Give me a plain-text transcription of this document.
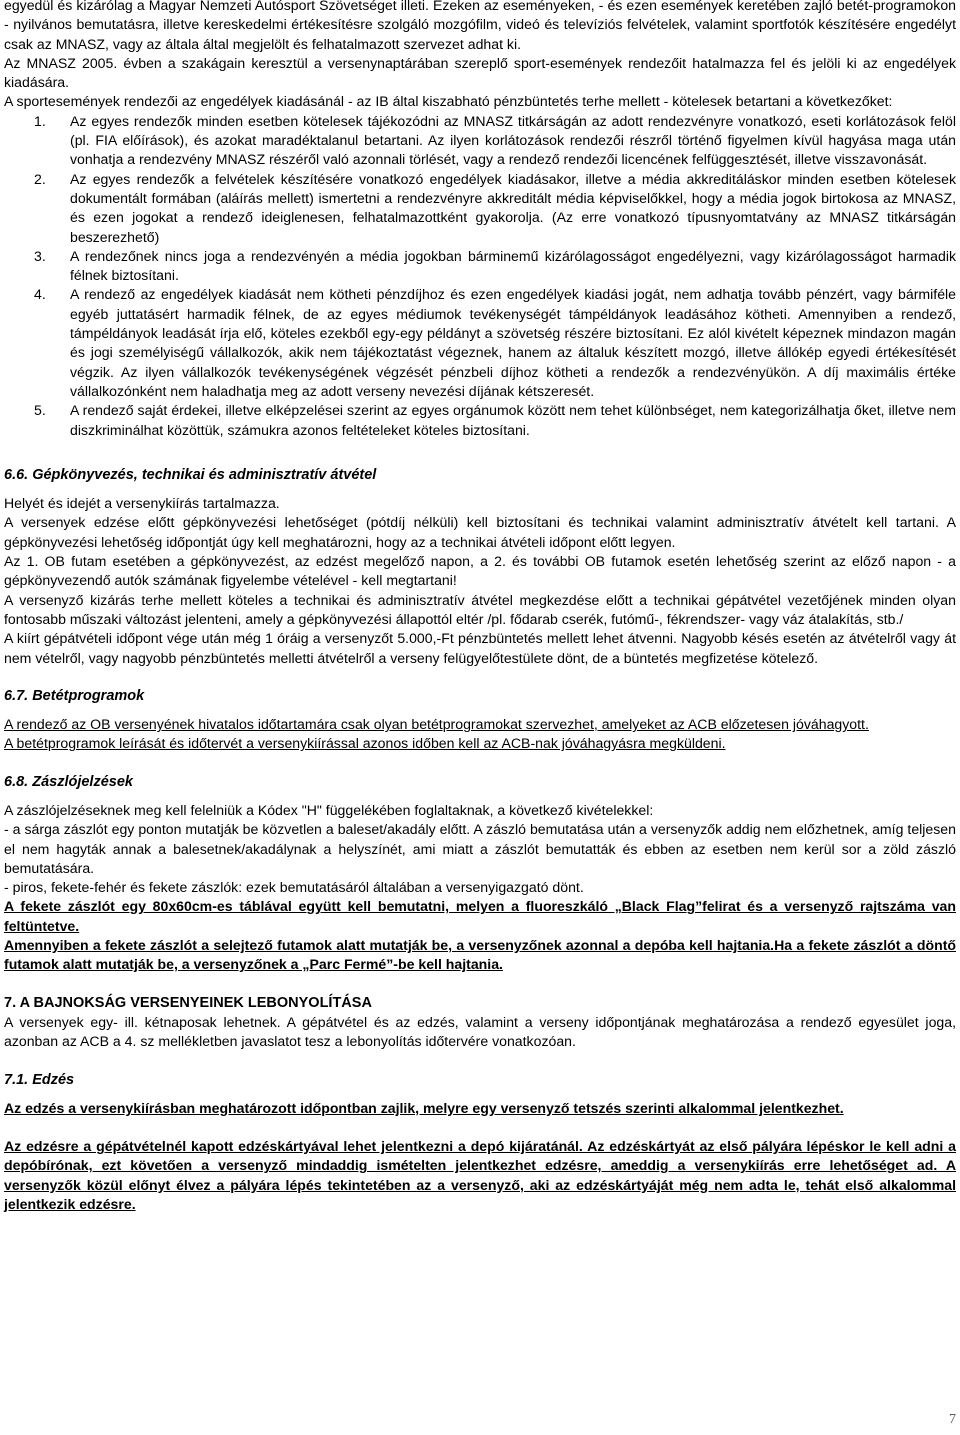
egyedül és kizárólag a Magyar Nemzeti Autósport Szövetséget illeti. Ezeken az eseményeken, - és ezen események keretében zajló betét-programokon - nyilvános bemutatásra, illetve kereskedelmi értékesítésre szolgáló mozgófilm, videó és televíziós felvételek, valamint sportfotók készítésére engedélyt csak az MNASZ, vagy az általa által megjelölt és felhatalmazott szervezet adhat ki.

Az MNASZ 2005. évben a szakágain keresztül a versenynaptárában szereplő sport-események rendezőit hatalmazza fel és jelöli ki az engedélyek kiadására.

A sportesemények rendezői az engedélyek kiadásánál - az IB által kiszabható pénzbüntetés terhe mellett - kötelesek betartani a következőket:

1. Az egyes rendezők minden esetben kötelesek tájékozódni az MNASZ titkárságán az adott rendezvényre vonatkozó, eseti korlátozások felöl (pl. FIA előírások), és azokat maradéktalanul betartani. Az ilyen korlátozások rendezői részről történő figyelmen kívül hagyása maga után vonhatja a rendezvény MNASZ részéről való azonnali törlését, vagy a rendező rendezői licencének felfüggesztését, illetve visszavonását.
2. Az egyes rendezők a felvételek készítésére vonatkozó engedélyek kiadásakor, illetve a média akkreditáláskor minden esetben kötelesek dokumentált formában (aláírás mellett) ismertetni a rendezvényre akkreditált média képviselőkkel, hogy a média jogok birtokosa az MNASZ, és ezen jogokat a rendező ideiglenesen, felhatalmazottként gyakorolja. (Az erre vonatkozó típusnyomtatvány az MNASZ titkárságán beszerezhető)
3. A rendezőnek nincs joga a rendezvényén a média jogokban bárminemű kizárólagosságot engedélyezni, vagy kizárólagosságot harmadik félnek biztosítani.
4. A rendező az engedélyek kiadását nem kötheti pénzdíjhoz és ezen engedélyek kiadási jogát, nem adhatja tovább pénzért, vagy bármiféle egyéb juttatásért harmadik félnek, de az egyes médiumok tevékenységét támpéldányok leadásához kötheti. Amennyiben a rendező, támpéldányok leadását írja elő, köteles ezekből egy-egy példányt a szövetség részére biztosítani. Ez alól kivételt képeznek mindazon magán és jogi személyiségű vállalkozók, akik nem tájékoztatást végeznek, hanem az általuk készített mozgó, illetve állókép egyedi értékesítését végzik. Az ilyen vállalkozók tevékenységének végzését pénzbeli díjhoz kötheti a rendezők a rendezvényükön. A díj maximális értéke vállalkozónként nem haladhatja meg az adott verseny nevezési díjának kétszeresét.
5. A rendező saját érdekei, illetve elképzelései szerint az egyes orgánumok között nem tehet különbséget, nem kategorizálhatja őket, illetve nem diszkriminálhat közöttük, számukra azonos feltételeket köteles biztosítani.
6.6. Gépkönyvezés, technikai és adminisztratív átvétel

Helyét és idejét a versenykiírás tartalmazza.

A versenyek edzése előtt gépkönyvezési lehetőséget (pótdíj nélküli) kell biztosítani és technikai valamint adminisztratív átvételt kell tartani. A gépkönyvezési lehetőség időpontját úgy kell meghatározni, hogy az a technikai átvételi időpont előtt legyen.

Az 1. OB futam esetében a gépkönyvezést, az edzést megelőző napon, a 2. és további OB futamok esetén lehetőség szerint az előző napon - a gépkönyvezendő autók számának figyelembe vételével - kell megtartani!

A versenyző kizárás terhe mellett köteles a technikai és adminisztratív átvétel megkezdése előtt a technikai gépátvétel vezetőjének minden olyan fontosabb műszaki változást jelenteni, amely a gépkönyvezési állapottól eltér /pl. fődarab cserék, futómű-, fékrendszer- vagy váz átalakítás, stb./

A kiírt gépátvételi időpont vége után még 1 óráig a versenyzőt 5.000,-Ft pénzbüntetés mellett lehet átvenni. Nagyobb késés esetén az átvételről vagy át nem vételről, vagy nagyobb pénzbüntetés melletti átvételről a verseny felügyelőtestülete dönt, de a büntetés megfizetése kötelező.

6.7. Betétprogramok

A rendező az OB versenyének hivatalos időtartamára csak olyan betétprogramokat szervezhet, amelyeket az ACB előzetesen jóváhagyott.

A betétprogramok leírását és időtervét a versenykiírással azonos időben kell az ACB-nak jóváhagyásra megküldeni.

6.8. Zászlójelzések

A zászlójelzéseknek meg kell felelniük a Kódex "H" függelékében foglaltaknak, a következő kivételekkel:

- a sárga zászlót egy ponton mutatják be közvetlen a baleset/akadály előtt. A zászló bemutatása után a versenyzők addig nem előzhetnek, amíg teljesen el nem hagyták annak a balesetnek/akadálynak a helyszínét, ami miatt a zászlót bemutatták és ebben az esetben nem kerül sor a zöld zászló bemutatására.

- piros, fekete-fehér és fekete zászlók: ezek bemutatásáról általában a versenyigazgató dönt.

A fekete zászlót egy 80x60cm-es táblával együtt kell bemutatni, melyen a fluoreszkáló „Black Flag”felirat és a versenyző rajtszáma van feltüntetve.

Amennyiben a fekete zászlót a selejtező futamok alatt mutatják be, a versenyzőnek azonnal a depóba kell hajtania.Ha a fekete zászlót a döntő futamok alatt mutatják be, a versenyzőnek a „Parc Fermé”-be kell hajtania.

7. A BAJNOKSÁG VERSENYEINEK LEBONYOLÍTÁSA

A versenyek egy- ill. kétnaposak lehetnek. A gépátvétel és az edzés, valamint a verseny időpontjának meghatározása a rendező egyesület joga, azonban az ACB a 4. sz mellékletben javaslatot tesz a lebonyolítás időtervére vonatkozóan.

7.1. Edzés

Az edzés a versenykiírásban meghatározott időpontban zajlik, melyre egy versenyző tetszés szerinti alkalommal jelentkezhet.

Az edzésre a gépátvételnél kapott edzéskártyával lehet jelentkezni a depó kijáratánál. Az edzéskártyát az első pályára lépéskor le kell adni a depóbírónak, ezt követően a versenyző mindaddig ismételten jelentkezhet edzésre, ameddig a versenykiírás erre lehetőséget ad. A versenyzők közül előnyt élvez a pályára lépés tekintetében az a versenyző, aki az edzéskártyáját még nem adta le, tehát első alkalommal jelentkezik edzésre.

7
